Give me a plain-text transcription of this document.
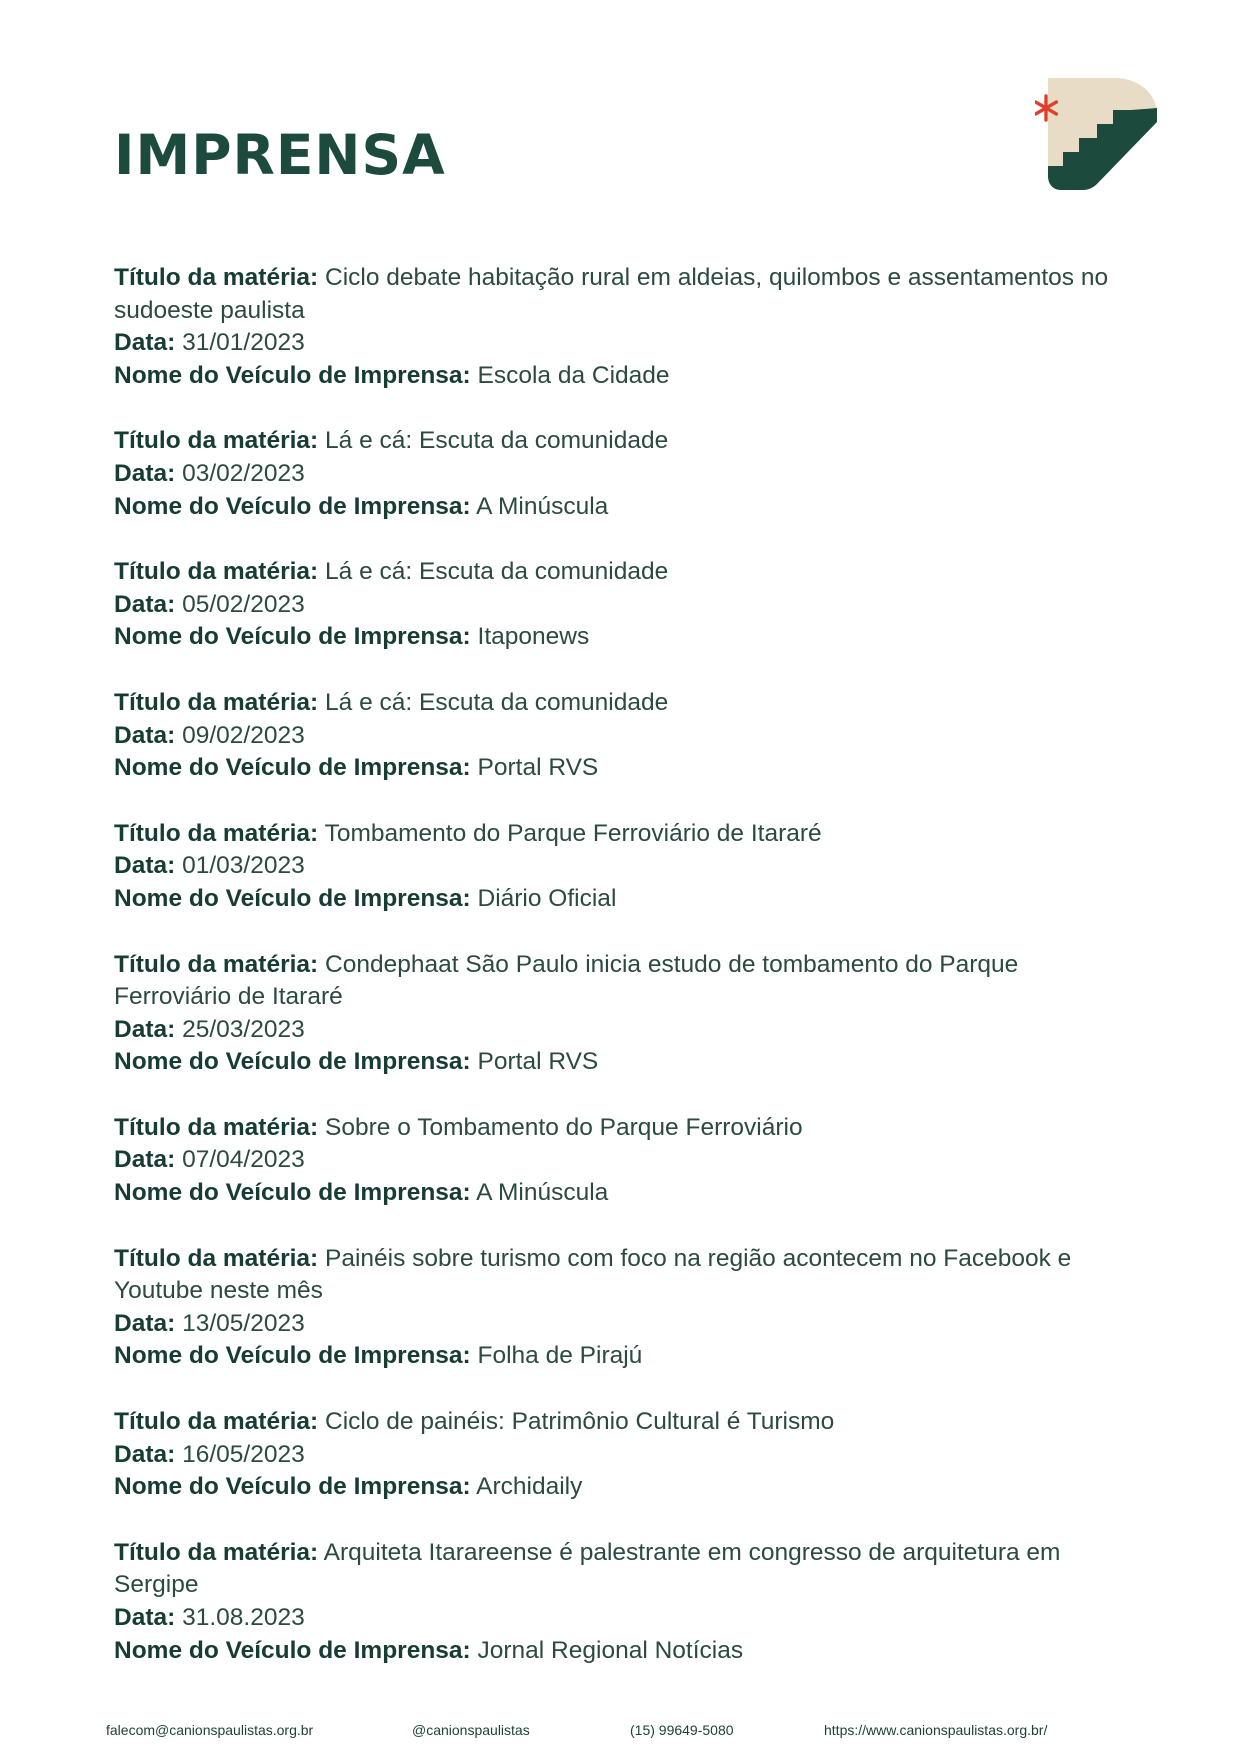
IMPRENSA

Título da matéria: Ciclo debate habitação rural em aldeias, quilombos e assentamentos no sudoeste paulista

Data: 31/01/2023

Nome do Veículo de Imprensa: Escola da Cidade

Título da matéria: Lá e cá: Escuta da comunidade

Data: 03/02/2023

Nome do Veículo de Imprensa: A Minúscula

Título da matéria: Lá e cá: Escuta da comunidade

Data: 05/02/2023

Nome do Veículo de Imprensa: Itaponews

Título da matéria: Lá e cá: Escuta da comunidade

Data: 09/02/2023

Nome do Veículo de Imprensa: Portal RVS

Título da matéria: Tombamento do Parque Ferroviário de Itararé

Data: 01/03/2023

Nome do Veículo de Imprensa: Diário Oficial

Título da matéria: Condephaat São Paulo inicia estudo de tombamento do Parque Ferroviário de Itararé

Data: 25/03/2023

Nome do Veículo de Imprensa: Portal RVS

Título da matéria: Sobre o Tombamento do Parque Ferroviário

Data: 07/04/2023

Nome do Veículo de Imprensa: A Minúscula

Título da matéria: Painéis sobre turismo com foco na região acontecem no Facebook e Youtube neste mês

Data: 13/05/2023

Nome do Veículo de Imprensa: Folha de Pirajú

Título da matéria: Ciclo de painéis: Patrimônio Cultural é Turismo

Data: 16/05/2023

Nome do Veículo de Imprensa: Archidaily

Título da matéria: Arquiteta Itarareense é palestrante em congresso de arquitetura em Sergipe

Data: 31.08.2023

Nome do Veículo de Imprensa: Jornal Regional Notícias

falecom@canionspaulistas.org.br	@canionspaulistas	(15) 99649-5080	https://www.canionspaulistas.org.br/
